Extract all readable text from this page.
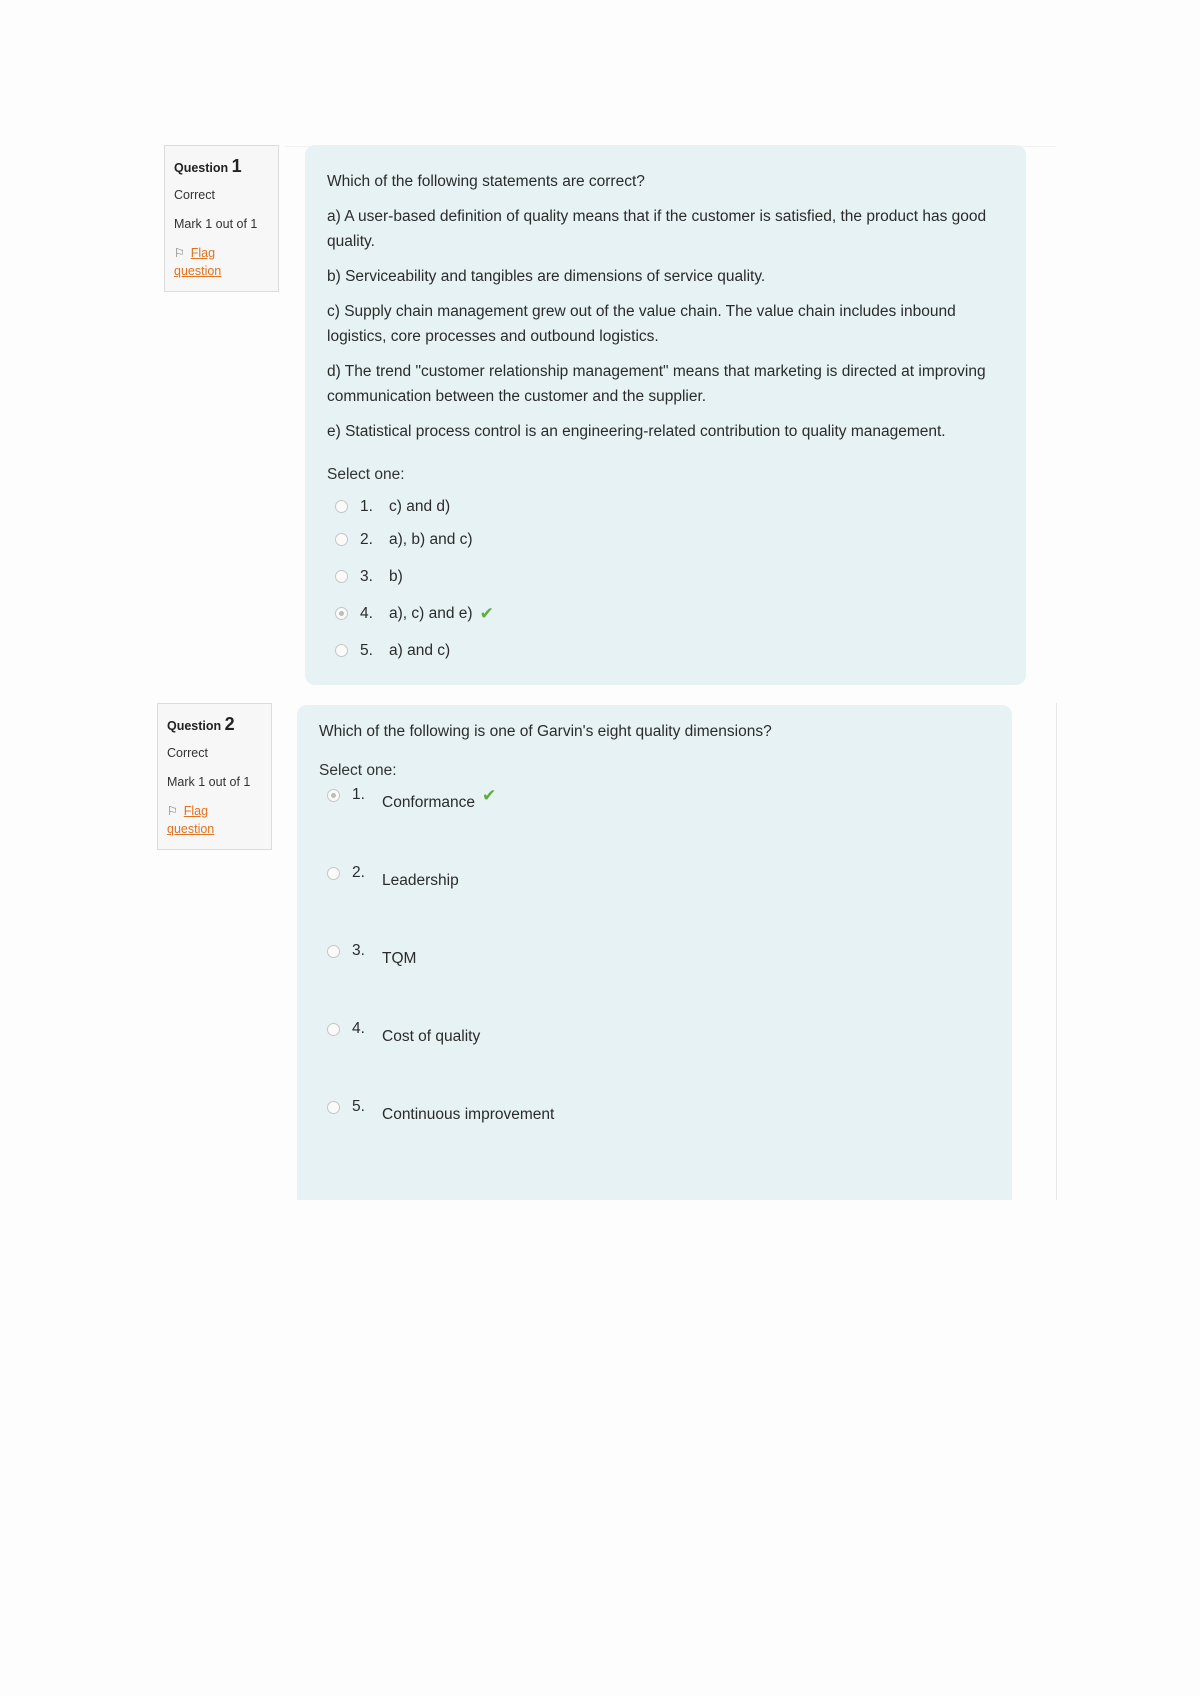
Question 1
Correct
Mark 1 out of 1
⚐ Flag
question

Which of the following statements are correct?

a) A user-based definition of quality means that if the customer is satisfied, the product has good quality.

b) Serviceability and tangibles are dimensions of service quality.

c) Supply chain management grew out of the value chain. The value chain includes inbound logistics, core processes and outbound logistics.

d) The trend "customer relationship management" means that marketing is directed at improving communication between the customer and the supplier.

e) Statistical process control is an engineering-related contribution to quality management.

Select one:
1.	c) and d)
2.	a), b) and c)
3.	b)
4.	a), c) and e) ✔
5.	a) and c)
Question 2
Correct
Mark 1 out of 1
⚐ Flag
question

Which of the following is one of Garvin's eight quality dimensions?

Select one:
1.	Conformance ✔
2.	Leadership
3.	TQM
4.	Cost of quality
5.	Continuous improvement
